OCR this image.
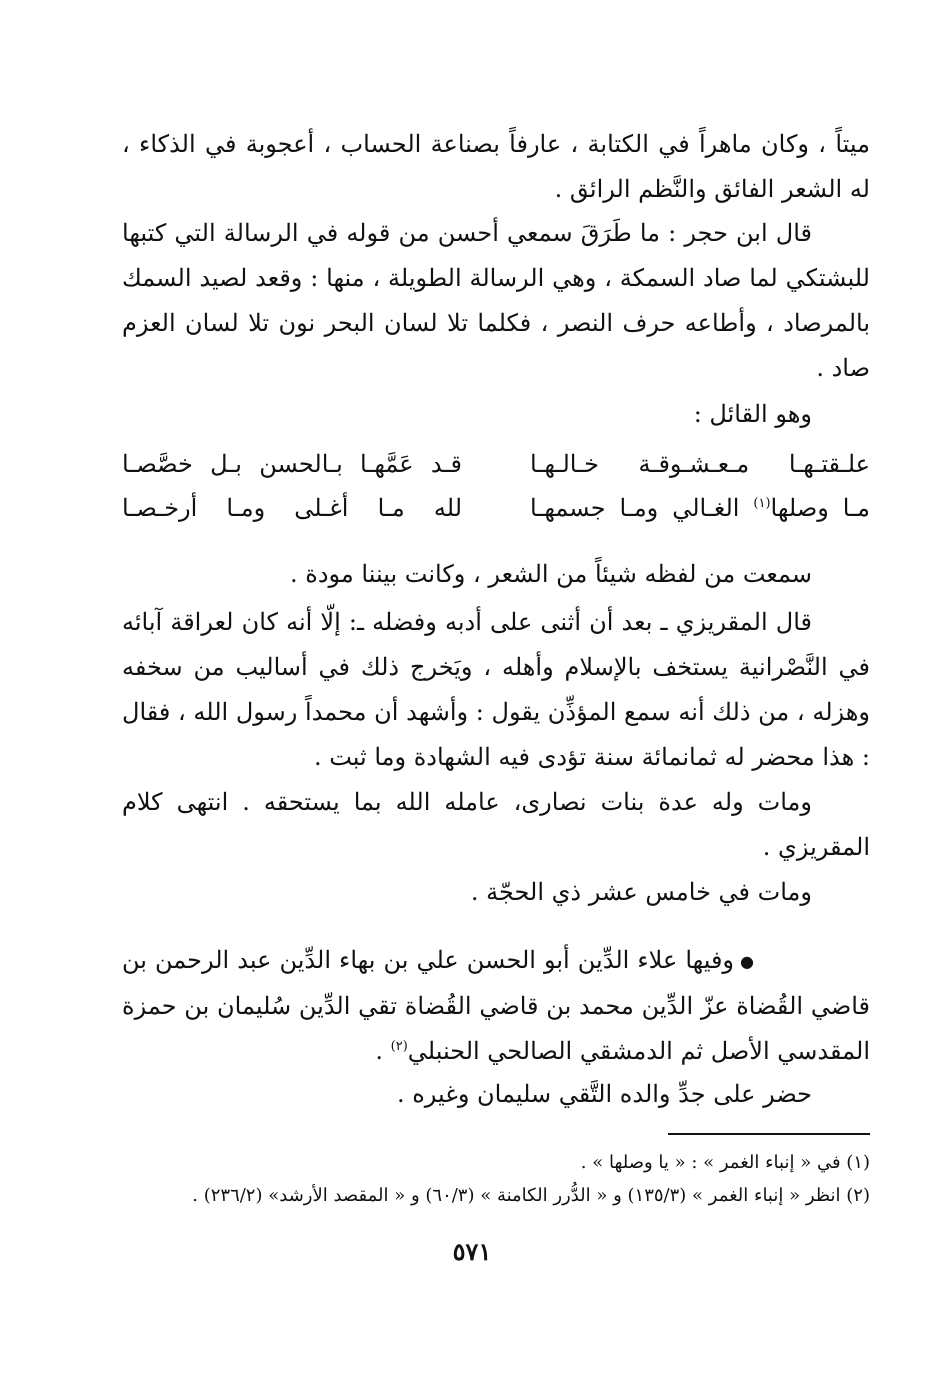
ميتاً ، وكان ماهراً في الكتابة ، عارفاً بصناعة الحساب ، أعجوبة في الذكاء ، له الشعر الفائق والنَّظم الرائق .

قال ابن حجر : ما طَرَقَ سمعي أحسن من قوله في الرسالة التي كتبها للبشتكي لما صاد السمكة ، وهي الرسالة الطويلة ، منها : وقعد لصيد السمك بالمرصاد ، وأطاعه حرف النصر ، فكلما تلا لسان البحر نون تلا لسان العزم صاد .

وهو القائل :

علـقتـهـا مـعـشـوقـة خـالـهـا
قـد عَمَّهـا بـالحسن بـل خصَّصـا
مـا وصلها$^{(١)}$ الغـالي ومـا جسمهـا
لله مـا أغـلى ومـا أرخـصـا

سمعت من لفظه شيئاً من الشعر ، وكانت بيننا مودة .

قال المقريزي ـ بعد أن أثنى على أدبه وفضله ـ: إلّا أنه كان لعراقة آبائه في النَّصْرانية يستخف بالإسلام وأهله ، ويَخرج ذلك في أساليب من سخفه وهزله ، من ذلك أنه سمع المؤذِّن يقول : وأشهد أن محمداً رسول الله ، فقال : هذا محضر له ثمانمائة سنة تؤدى فيه الشهادة وما ثبت .

ومات وله عدة بنات نصارى، عامله الله بما يستحقه . انتهى كلام المقريزي .

ومات في خامس عشر ذي الحجّة .

●وفيها علاء الدِّين أبو الحسن علي بن بهاء الدِّين عبد الرحمن بن قاضي القُضاة عزّ الدِّين محمد بن قاضي القُضاة تقي الدِّين سُليمان بن حمزة المقدسي الأصل ثم الدمشقي الصالحي الحنبلي$^{(٢)}$ .

حضر على جدِّ والده التَّقي سليمان وغيره .

(١) في « إنباء الغمر » : « يا وصلها » .

(٢) انظر « إنباء الغمر » (١٣٥/٣) و « الدُّرر الكامنة » (٦٠/٣) و « المقصد الأرشد» (٢٣٦/٢) .

٥٧١
